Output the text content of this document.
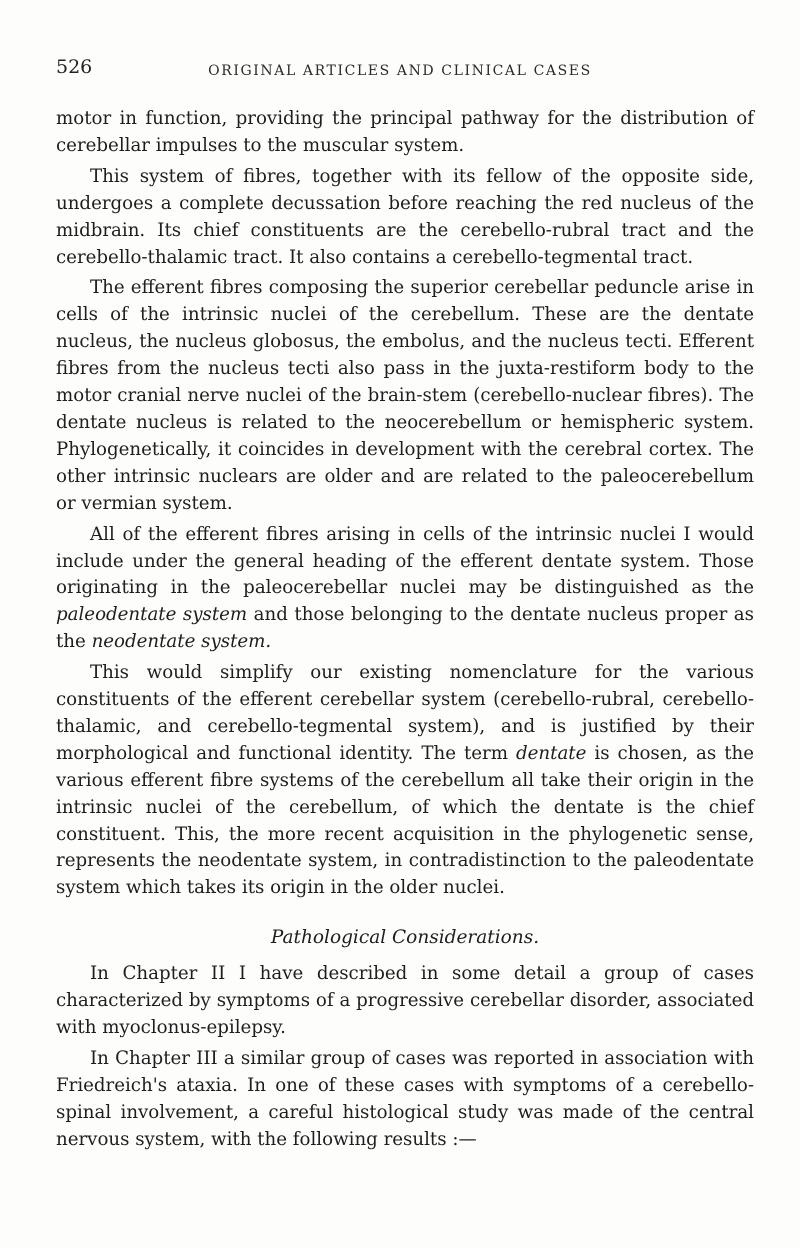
526	ORIGINAL ARTICLES AND CLINICAL CASES

motor in function, providing the principal pathway for the distribution of cerebellar impulses to the muscular system.

This system of fibres, together with its fellow of the opposite side, undergoes a complete decussation before reaching the red nucleus of the midbrain. Its chief constituents are the cerebello-rubral tract and the cerebello-thalamic tract. It also contains a cerebello-tegmental tract.

The efferent fibres composing the superior cerebellar peduncle arise in cells of the intrinsic nuclei of the cerebellum. These are the dentate nucleus, the nucleus globosus, the embolus, and the nucleus tecti. Efferent fibres from the nucleus tecti also pass in the juxta-restiform body to the motor cranial nerve nuclei of the brain-stem (cerebello-nuclear fibres). The dentate nucleus is related to the neocerebellum or hemispheric system. Phylogenetically, it coincides in development with the cerebral cortex. The other intrinsic nuclears are older and are related to the paleocerebellum or vermian system.

All of the efferent fibres arising in cells of the intrinsic nuclei I would include under the general heading of the efferent dentate system. Those originating in the paleocerebellar nuclei may be distinguished as the paleodentate system and those belonging to the dentate nucleus proper as the neodentate system.

This would simplify our existing nomenclature for the various constituents of the efferent cerebellar system (cerebello-rubral, cerebello-thalamic, and cerebello-tegmental system), and is justified by their morphological and functional identity. The term dentate is chosen, as the various efferent fibre systems of the cerebellum all take their origin in the intrinsic nuclei of the cerebellum, of which the dentate is the chief constituent. This, the more recent acquisition in the phylogenetic sense, represents the neodentate system, in contradistinction to the paleodentate system which takes its origin in the older nuclei.

Pathological Considerations.

In Chapter II I have described in some detail a group of cases characterized by symptoms of a progressive cerebellar disorder, associated with myoclonus-epilepsy.

In Chapter III a similar group of cases was reported in association with Friedreich's ataxia. In one of these cases with symptoms of a cerebello-spinal involvement, a careful histological study was made of the central nervous system, with the following results :—
